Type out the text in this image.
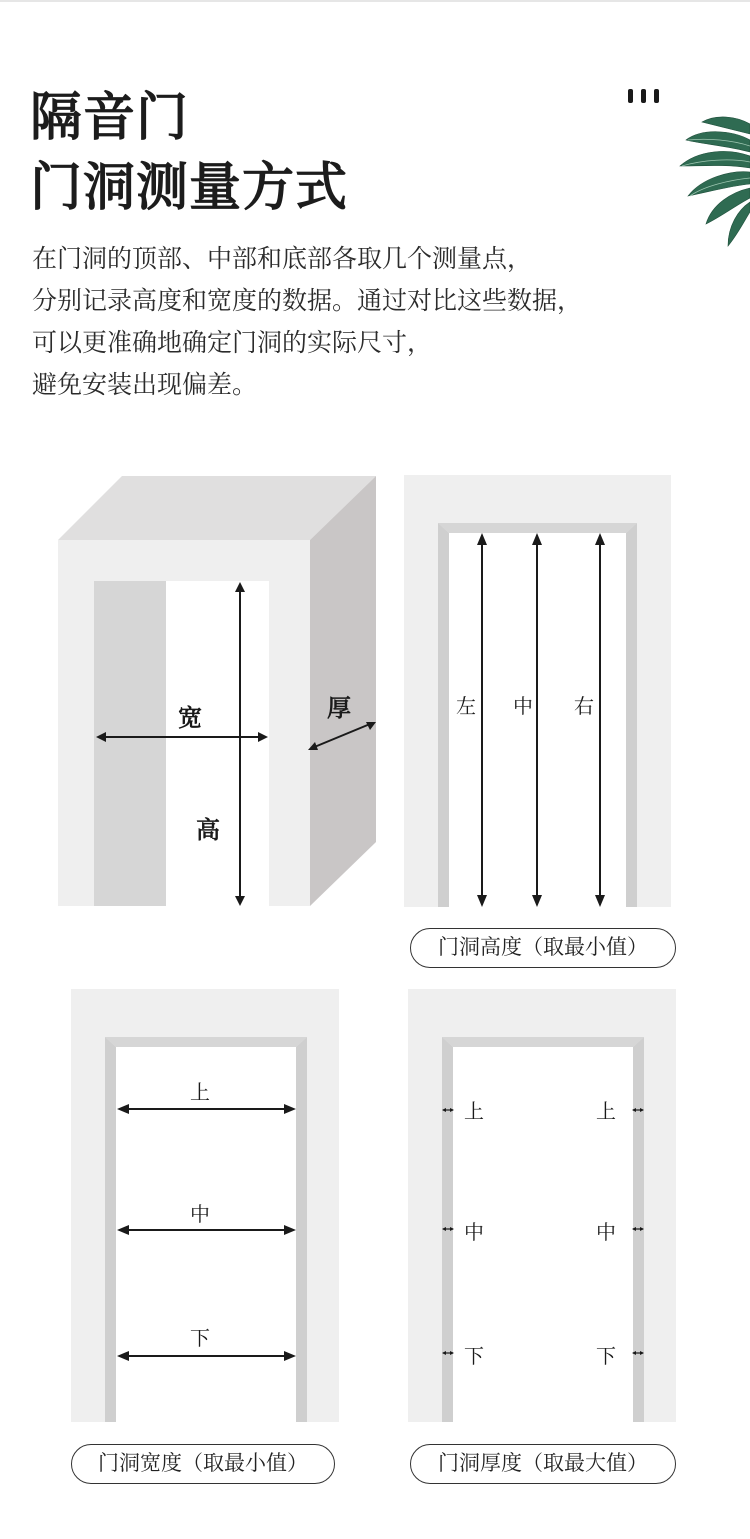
隔音门
门洞测量方式

在门洞的顶部、中部和底部各取几个测量点，

分别记录高度和宽度的数据。通过对比这些数据，

可以更准确地确定门洞的实际尺寸，

避免安装出现偏差。

宽
高
厚	左 中 右
门洞高度（取最小值）
上
中
下
门洞宽度（取最小值）
上	上
中	中
下	下
门洞厚度（取最大值）
